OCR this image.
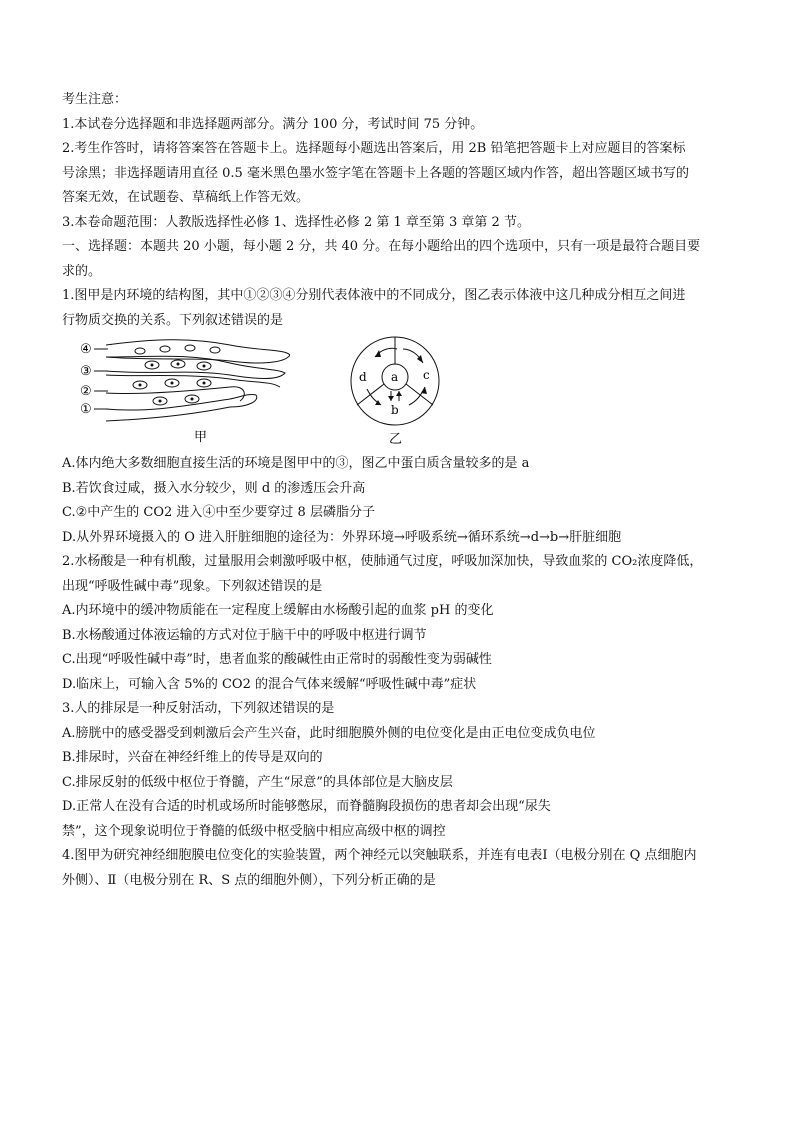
考生注意：
1.本试卷分选择题和非选择题两部分。满分 100 分，考试时间 75 分钟。
2.考生作答时，请将答案答在答题卡上。选择题每小题选出答案后，用 2B 铅笔把答题卡上对应题目的答案标
号涂黑；非选择题请用直径 0.5 毫米黑色墨水签字笔在答题卡上各题的答题区域内作答，超出答题区域书写的
答案无效，在试题卷、草稿纸上作答无效。
3.本卷命题范围：人教版选择性必修 1、选择性必修 2 第 1 章至第 3 章第 2 节。
一、选择题：本题共 20 小题，每小题 2 分，共 40 分。在每小题给出的四个选项中，只有一项是最符合题目要
求的。
1.图甲是内环境的结构图，其中①②③④分别代表体液中的不同成分，图乙表示体液中这几种成分相互之间进
行物质交换的关系。下列叙述错误的是
④
③
②
①
甲
a
b
c
d
乙
A.体内绝大多数细胞直接生活的环境是图甲中的③，图乙中蛋白质含量较多的是 a
B.若饮食过咸，摄入水分较少，则 d 的渗透压会升高
C.②中产生的 CO2 进入④中至少要穿过 8 层磷脂分子
D.从外界环境摄入的 O 进入肝脏细胞的途径为：外界环境→呼吸系统→循环系统→d→b→肝脏细胞
2.水杨酸是一种有机酸，过量服用会刺激呼吸中枢，使肺通气过度，呼吸加深加快，导致血浆的 CO₂浓度降低，
出现“呼吸性碱中毒”现象。下列叙述错误的是
A.内环境中的缓冲物质能在一定程度上缓解由水杨酸引起的血浆 pH 的变化
B.水杨酸通过体液运输的方式对位于脑干中的呼吸中枢进行调节
C.出现“呼吸性碱中毒”时，患者血浆的酸碱性由正常时的弱酸性变为弱碱性
D.临床上，可输入含 5%的 CO2 的混合气体来缓解“呼吸性碱中毒”症状
3.人的排尿是一种反射活动，下列叙述错误的是
A.膀胱中的感受器受到刺激后会产生兴奋，此时细胞膜外侧的电位变化是由正电位变成负电位
B.排尿时，兴奋在神经纤维上的传导是双向的
C.排尿反射的低级中枢位于脊髓，产生“尿意”的具体部位是大脑皮层
D.正常人在没有合适的时机或场所时能够憋尿，而脊髓胸段损伤的患者却会出现“尿失
禁”，这个现象说明位于脊髓的低级中枢受脑中相应高级中枢的调控
4.图甲为研究神经细胞膜电位变化的实验装置，两个神经元以突触联系，并连有电表Ⅰ（电极分别在 Q 点细胞内
外侧）、Ⅱ（电极分别在 R、S 点的细胞外侧），下列分析正确的是
